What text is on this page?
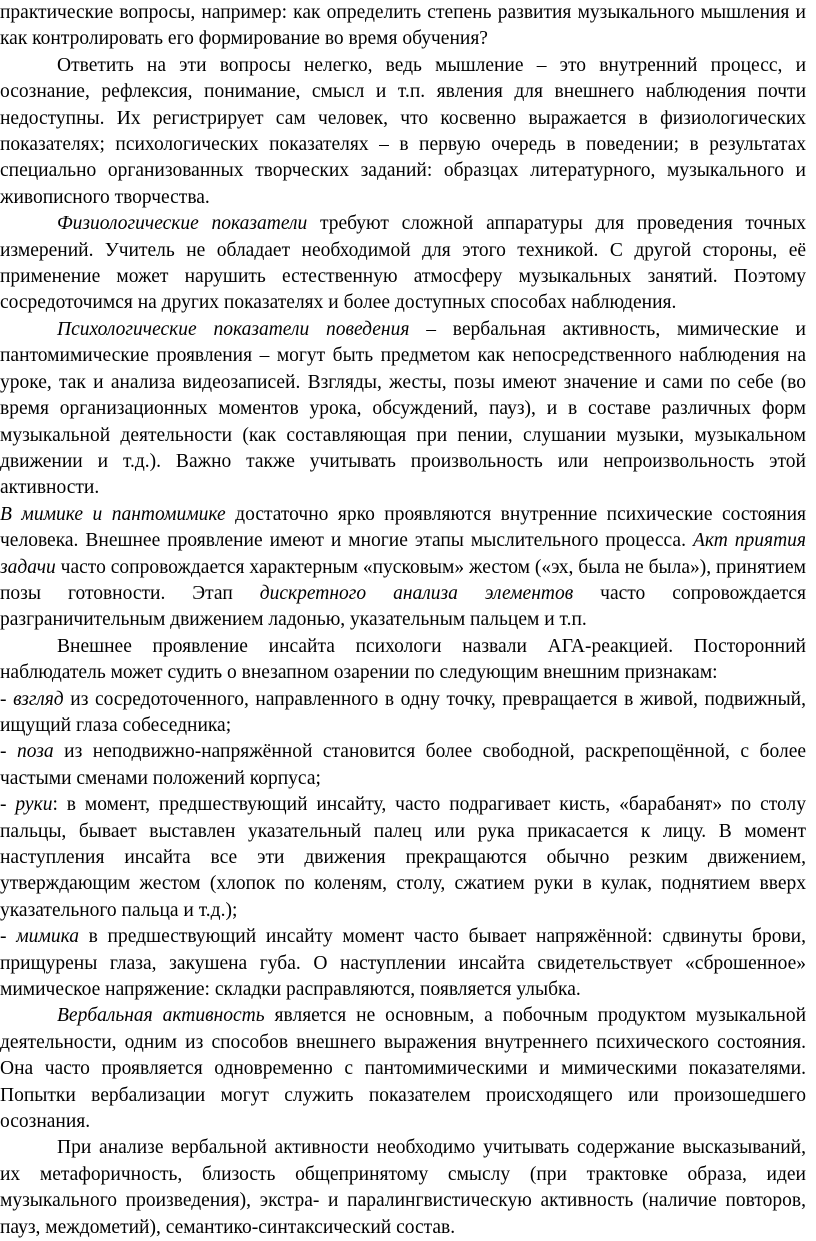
практические вопросы, например: как определить степень развития музыкального мышления и как контролировать его формирование во время обучения?

Ответить на эти вопросы нелегко, ведь мышление – это внутренний процесс, и осознание, рефлексия, понимание, смысл и т.п. явления для внешнего наблюдения почти недоступны. Их регистрирует сам человек, что косвенно выражается в физиологических показателях; психологических показателях – в первую очередь в поведении; в результатах специально организованных творческих заданий: образцах литературного, музыкального и живописного творчества.

Физиологические показатели требуют сложной аппаратуры для проведения точных измерений. Учитель не обладает необходимой для этого техникой. С другой стороны, её применение может нарушить естественную атмосферу музыкальных занятий. Поэтому сосредоточимся на других показателях и более доступных способах наблюдения.

Психологические показатели поведения – вербальная активность, мимические и пантомимические проявления – могут быть предметом как непосредственного наблюдения на уроке, так и анализа видеозаписей. Взгляды, жесты, позы имеют значение и сами по себе (во время организационных моментов урока, обсуждений, пауз), и в составе различных форм музыкальной деятельности (как составляющая при пении, слушании музыки, музыкальном движении и т.д.). Важно также учитывать произвольность или непроизвольность этой активности.

В мимике и пантомимике достаточно ярко проявляются внутренние психические состояния человека. Внешнее проявление имеют и многие этапы мыслительного процесса. Акт приятия задачи часто сопровождается характерным «пусковым» жестом («эх, была не была»), принятием позы готовности. Этап дискретного анализа элементов часто сопровождается разграничительным движением ладонью, указательным пальцем и т.п.

Внешнее проявление инсайта психологи назвали АГА-реакцией. Посторонний наблюдатель может судить о внезапном озарении по следующим внешним признакам:

- взгляд из сосредоточенного, направленного в одну точку, превращается в живой, подвижный, ищущий глаза собеседника;

- поза из неподвижно-напряжённой становится более свободной, раскрепощённой, с более частыми сменами положений корпуса;

- руки: в момент, предшествующий инсайту, часто подрагивает кисть, «барабанят» по столу пальцы, бывает выставлен указательный палец или рука прикасается к лицу. В момент наступления инсайта все эти движения прекращаются обычно резким движением, утверждающим жестом (хлопок по коленям, столу, сжатием руки в кулак, поднятием вверх указательного пальца и т.д.);

- мимика в предшествующий инсайту момент часто бывает напряжённой: сдвинуты брови, прищурены глаза, закушена губа. О наступлении инсайта свидетельствует «сброшенное» мимическое напряжение: складки расправляются, появляется улыбка.

Вербальная активность является не основным, а побочным продуктом музыкальной деятельности, одним из способов внешнего выражения внутреннего психического состояния. Она часто проявляется одновременно с пантомимическими и мимическими показателями. Попытки вербализации могут служить показателем происходящего или произошедшего осознания.

При анализе вербальной активности необходимо учитывать содержание высказываний, их метафоричность, близость общепринятому смыслу (при трактовке образа, идеи музыкального произведения), экстра- и паралингвистическую активность (наличие повторов, пауз, междометий), семантико-синтаксический состав.
